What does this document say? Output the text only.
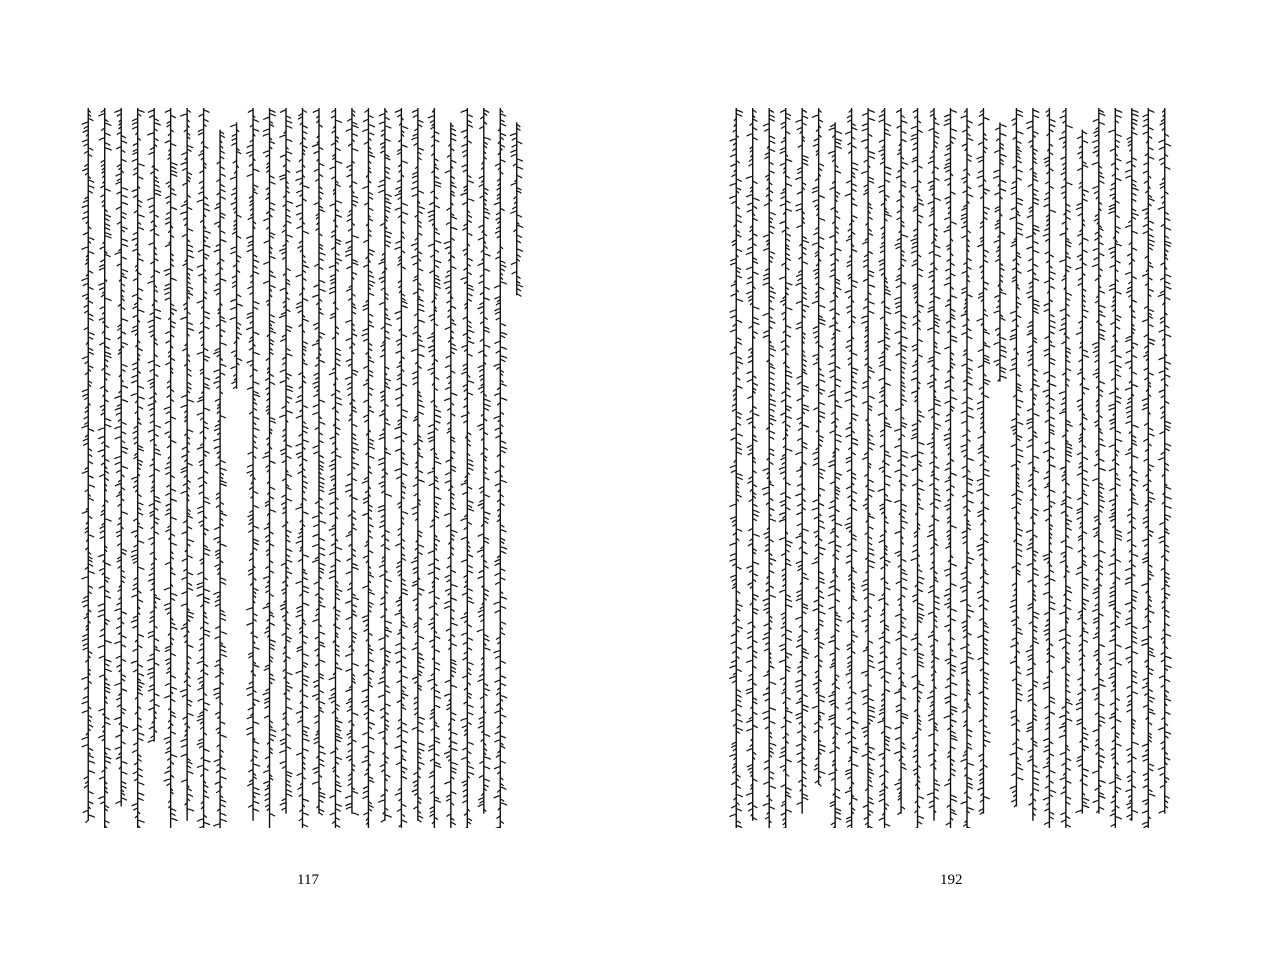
117	192
